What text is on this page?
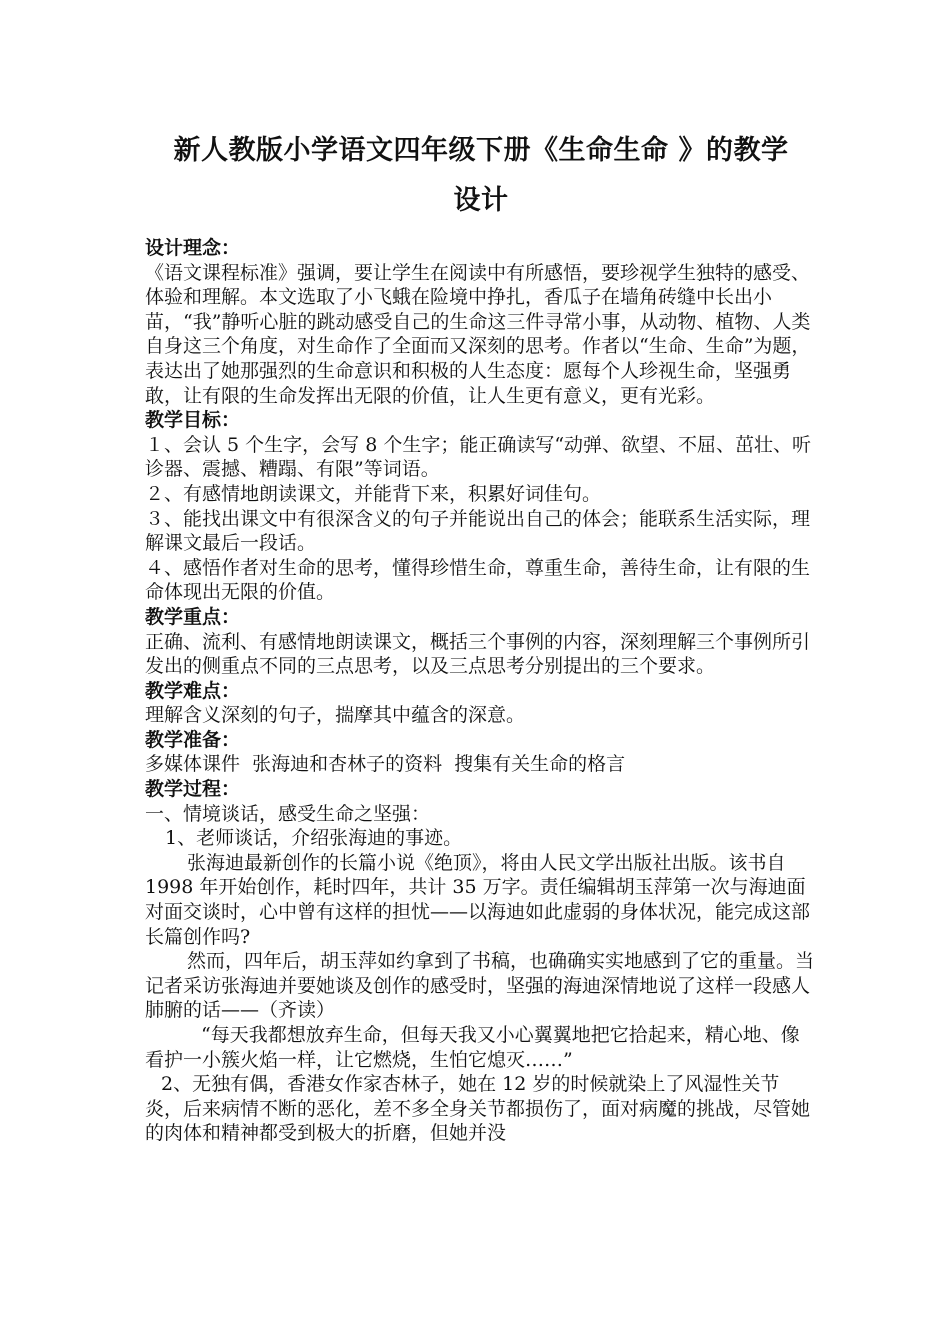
新人教版小学语文四年级下册《生命生命 》的教学
设计

设计理念：

《语文课程标准》强调，要让学生在阅读中有所感悟，要珍视学生独特的感受、体验和理解。本文选取了小飞蛾在险境中挣扎，香瓜子在墙角砖缝中长出小苗，“我”静听心脏的跳动感受自己的生命这三件寻常小事，从动物、植物、人类自身这三个角度，对生命作了全面而又深刻的思考。作者以“生命、生命”为题，表达出了她那强烈的生命意识和积极的人生态度：愿每个人珍视生命，坚强勇敢，让有限的生命发挥出无限的价值，让人生更有意义，更有光彩。

教学目标：

１、会认 5 个生字，会写 8 个生字；能正确读写“动弹、欲望、不屈、茁壮、听诊器、震撼、糟蹋、有限”等词语。

２、有感情地朗读课文，并能背下来，积累好词佳句。

３、能找出课文中有很深含义的句子并能说出自己的体会；能联系生活实际，理解课文最后一段话。

４、感悟作者对生命的思考，懂得珍惜生命，尊重生命，善待生命，让有限的生命体现出无限的价值。

教学重点：

正确、流利、有感情地朗读课文，概括三个事例的内容，深刻理解三个事例所引发出的侧重点不同的三点思考，以及三点思考分别提出的三个要求。

教学难点：

理解含义深刻的句子，揣摩其中蕴含的深意。

教学准备：

多媒体课件  张海迪和杏林子的资料  搜集有关生命的格言

教学过程：

一、情境谈话，感受生命之坚强：

1、老师谈话，介绍张海迪的事迹。

张海迪最新创作的长篇小说《绝顶》，将由人民文学出版社出版。该书自 1998 年开始创作，耗时四年，共计 35 万字。责任编辑胡玉萍第一次与海迪面对面交谈时，心中曾有这样的担忧——以海迪如此虚弱的身体状况，能完成这部长篇创作吗?

然而，四年后，胡玉萍如约拿到了书稿，也确确实实地感到了它的重量。当记者采访张海迪并要她谈及创作的感受时，坚强的海迪深情地说了这样一段感人肺腑的话——（齐读）

“每天我都想放弃生命，但每天我又小心翼翼地把它拾起来，精心地、像看护一小簇火焰一样，让它燃烧，生怕它熄灭……”

2、无独有偶，香港女作家杏林子，她在 12 岁的时候就染上了风湿性关节炎，后来病情不断的恶化，差不多全身关节都损伤了，面对病魔的挑战，尽管她的肉体和精神都受到极大的折磨，但她并没
